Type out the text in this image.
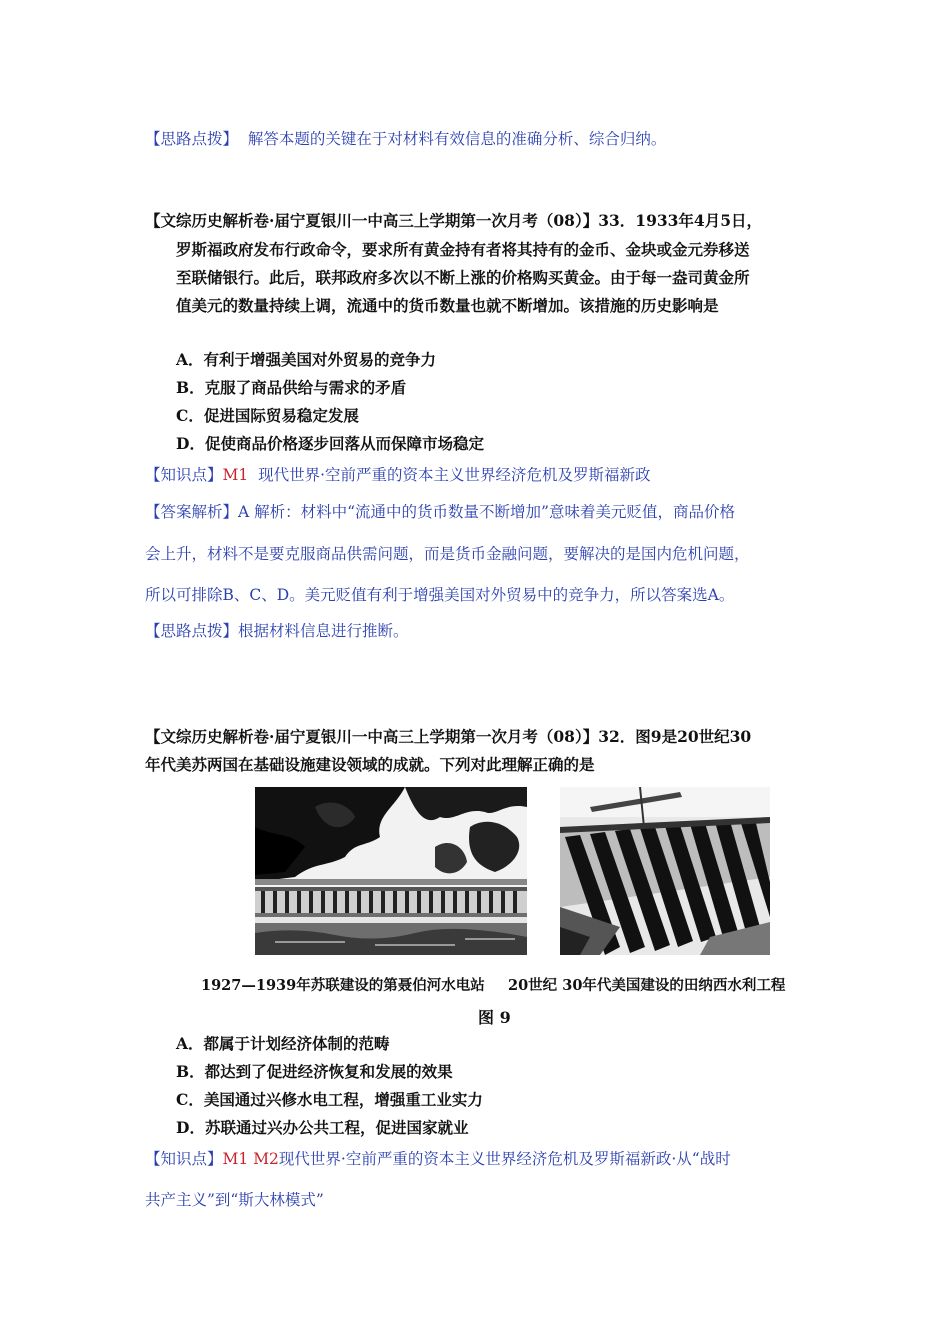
【思路点拨】 解答本题的关键在于对材料有效信息的准确分析、综合归纳。
【文综历史解析卷·届宁夏银川一中高三上学期第一次月考（08）】33．1933年4月5日，
罗斯福政府发布行政命令，要求所有黄金持有者将其持有的金币、金块或金元券移送
至联储银行。此后，联邦政府多次以不断上涨的价格购买黄金。由于每一盎司黄金所
值美元的数量持续上调，流通中的货币数量也就不断增加。该措施的历史影响是
A．有利于增强美国对外贸易的竞争力
B．克服了商品供给与需求的矛盾
C．促进国际贸易稳定发展
D．促使商品价格逐步回落从而保障市场稳定
【知识点】M1 现代世界·空前严重的资本主义世界经济危机及罗斯福新政
【答案解析】A 解析：材料中“流通中的货币数量不断增加”意味着美元贬值，商品价格
会上升，材料不是要克服商品供需问题，而是货币金融问题，要解决的是国内危机问题，
所以可排除B、C、D。美元贬值有利于增强美国对外贸易中的竞争力，所以答案选A。
【思路点拨】根据材料信息进行推断。
【文综历史解析卷·届宁夏银川一中高三上学期第一次月考（08）】32．图9是20世纪30
年代美苏两国在基础设施建设领域的成就。下列对此理解正确的是
1927—1939年苏联建设的第聂伯河水电站 20世纪 30年代美国建设的田纳西水利工程
图 9
A．都属于计划经济体制的范畴
B．都达到了促进经济恢复和发展的效果
C．美国通过兴修水电工程，增强重工业实力
D．苏联通过兴办公共工程，促进国家就业
【知识点】M1 M2现代世界·空前严重的资本主义世界经济危机及罗斯福新政·从“战时
共产主义”到“斯大林模式”
